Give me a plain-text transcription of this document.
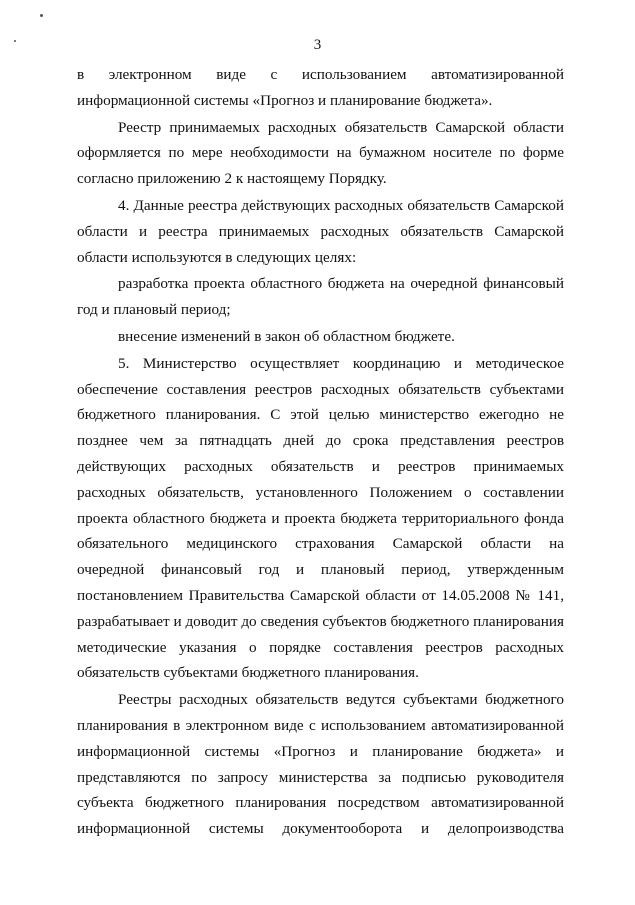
3

в электронном виде с использованием автоматизированной информационной системы «Прогноз и планирование бюджета».

Реестр принимаемых расходных обязательств Самарской области оформляется по мере необходимости на бумажном носителе по форме согласно приложению 2 к настоящему Порядку.

4. Данные реестра действующих расходных обязательств Самарской области и реестра принимаемых расходных обязательств Самарской области используются в следующих целях:

разработка проекта областного бюджета на очередной финансовый год и плановый период;

внесение изменений в закон об областном бюджете.

5. Министерство осуществляет координацию и методическое обеспечение составления реестров расходных обязательств субъектами бюджетного планирования. С этой целью министерство ежегодно не позднее чем за пятнадцать дней до срока представления реестров действующих расходных обязательств и реестров принимаемых расходных обязательств, установленного Положением о составлении проекта областного бюджета и проекта бюджета территориального фонда обязательного медицинского страхования Самарской области на очередной финансовый год и плановый период, утвержденным постановлением Правительства Самарской области от 14.05.2008 № 141, разрабатывает и доводит до сведения субъектов бюджетного планирования методические указания о порядке составления реестров расходных обязательств субъектами бюджетного планирования.

Реестры расходных обязательств ведутся субъектами бюджетного планирования в электронном виде с использованием автоматизированной информационной системы «Прогноз и планирование бюджета» и представляются по запросу министерства за подписью руководителя субъекта бюджетного планирования посредством автоматизированной информационной системы документооборота и делопроизводства
